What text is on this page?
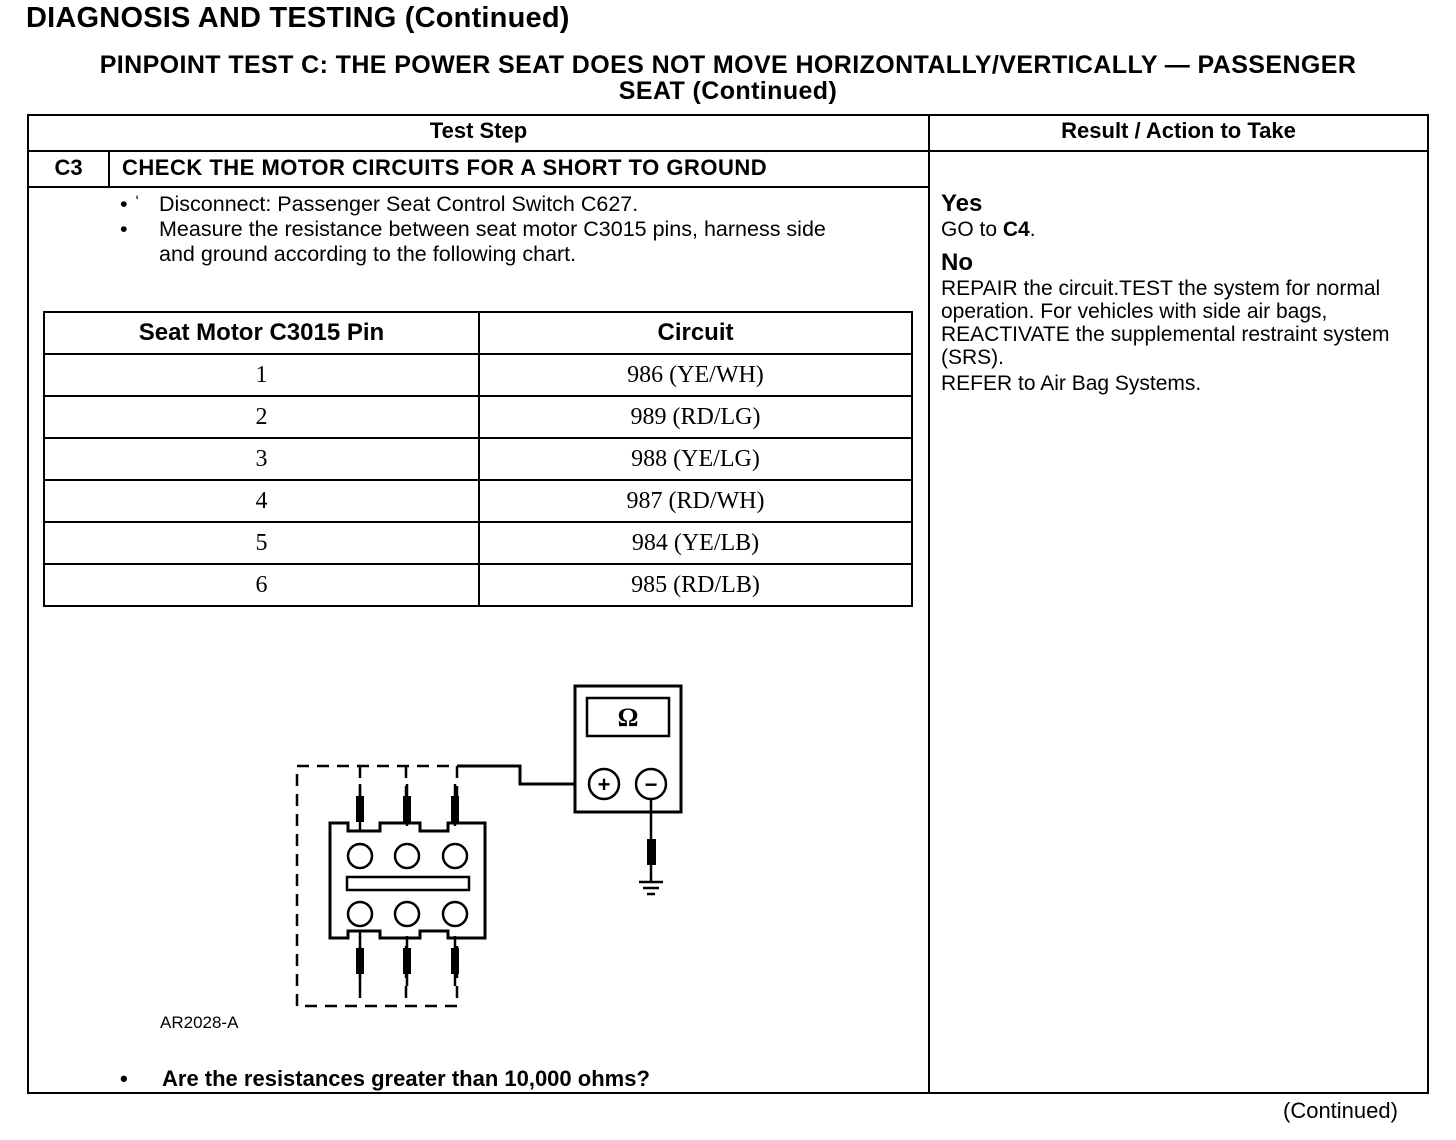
DIAGNOSIS AND TESTING (Continued)
PINPOINT TEST C: THE POWER SEAT DOES NOT MOVE HORIZONTALLY/VERTICALLY — PASSENGER
SEAT (Continued)
Test Step	Result / Action to Take
C3	CHECK THE MOTOR CIRCUITS FOR A SHORT TO GROUND
• ˈ Disconnect: Passenger Seat Control Switch C627.
• Measure the resistance between seat motor C3015 pins, harness side and ground according to the following chart.
Seat Motor C3015 Pin	Circuit
1	986 (YE/WH)
2	989 (RD/LG)
3	988 (YE/LG)
4	987 (RD/WH)
5	984 (YE/LB)
6	985 (RD/LB)
Ω
+ −
AR2028-A
• Are the resistances greater than 10,000 ohms?
Yes
GO to C4.
No
REPAIR the circuit.TEST the system for normal operation. For vehicles with side air bags, REACTIVATE the supplemental restraint system (SRS).
REFER to Air Bag Systems.
(Continued)
